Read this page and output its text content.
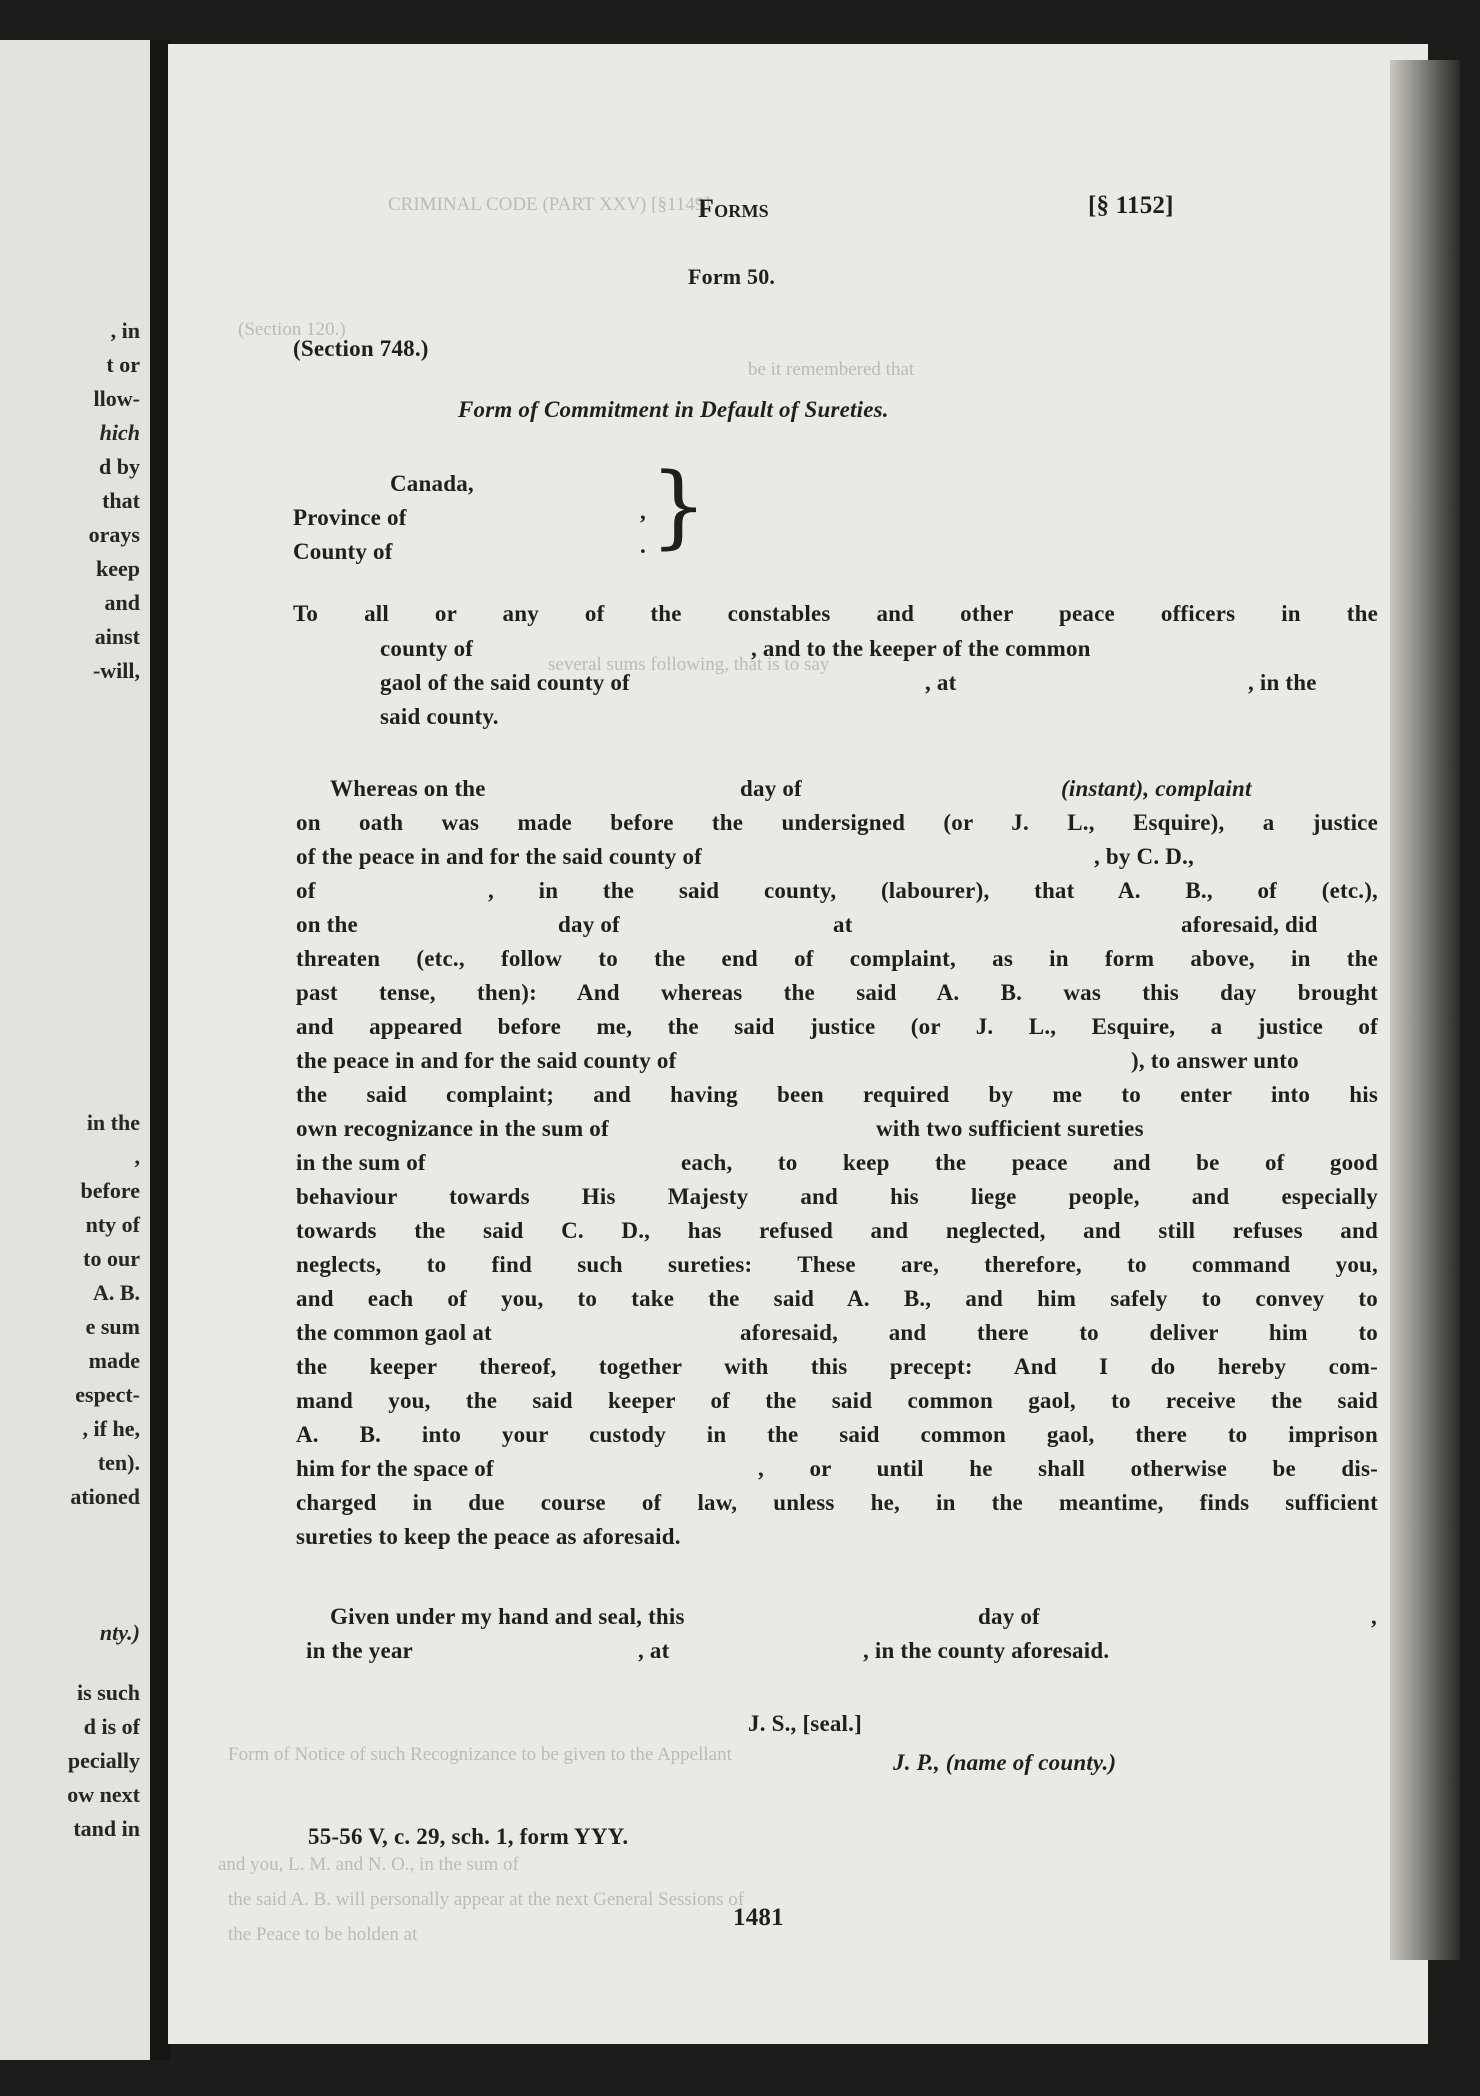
, in
t or
llow-
hich
d by
that
orays
keep
and
ainst
-will,
in the
,
before
nty of
to our
A. B.
e sum
made
espect-
, if he,
ten).
ationed
nty.)
is such
d is of
pecially
ow next
tand in
CRIMINAL CODE (PART XXV) [§1149]
(Section 120.)
be it remembered that
several sums following, that is to say
Form of Notice of such Recognizance to be given to the Appellant
and you, L. M. and N. O., in the sum of
the said A. B. will personally appear at the next General Sessions of
the Peace to be holden at
Forms	[§ 1152]
Form 50.
(Section 748.)
Form of Commitment in Default of Sureties.
Canada,
Province of
County of
,
. }
To all or any of the constables and other peace officers in the
county of	, and to the keeper of the common
gaol of the said county of	, at	, in the
said county.
Whereas on the	day of	(instant), complaint
on oath was made before the undersigned (or J. L., Esquire), a justice
of the peace in and for the said county of	, by C. D.,
of	, in the said county, (labourer), that A. B., of (etc.),
on the	day of	at	aforesaid, did
threaten (etc., follow to the end of complaint, as in form above, in the
past tense, then): And whereas the said A. B. was this day brought
and appeared before me, the said justice (or J. L., Esquire, a justice of
the peace in and for the said county of	), to answer unto
the said complaint; and having been required by me to enter into his
own recognizance in the sum of	with two sufficient sureties
in the sum of	each, to keep the peace and be of good
behaviour towards His Majesty and his liege people, and especially
towards the said C. D., has refused and neglected, and still refuses and
neglects, to find such sureties: These are, therefore, to command you,
and each of you, to take the said A. B., and him safely to convey to
the common gaol at	aforesaid, and there to deliver him to
the keeper thereof, together with this precept: And I do hereby com-
mand you, the said keeper of the said common gaol, to receive the said
A. B. into your custody in the said common gaol, there to imprison
him for the space of	, or until he shall otherwise be dis-
charged in due course of law, unless he, in the meantime, finds sufficient
sureties to keep the peace as aforesaid.
Given under my hand and seal, this	day of	,
in the year	, at	, in the county aforesaid.
J. S., [seal.]
J. P., (name of county.)
55-56 V, c. 29, sch. 1, form YYY.
1481
